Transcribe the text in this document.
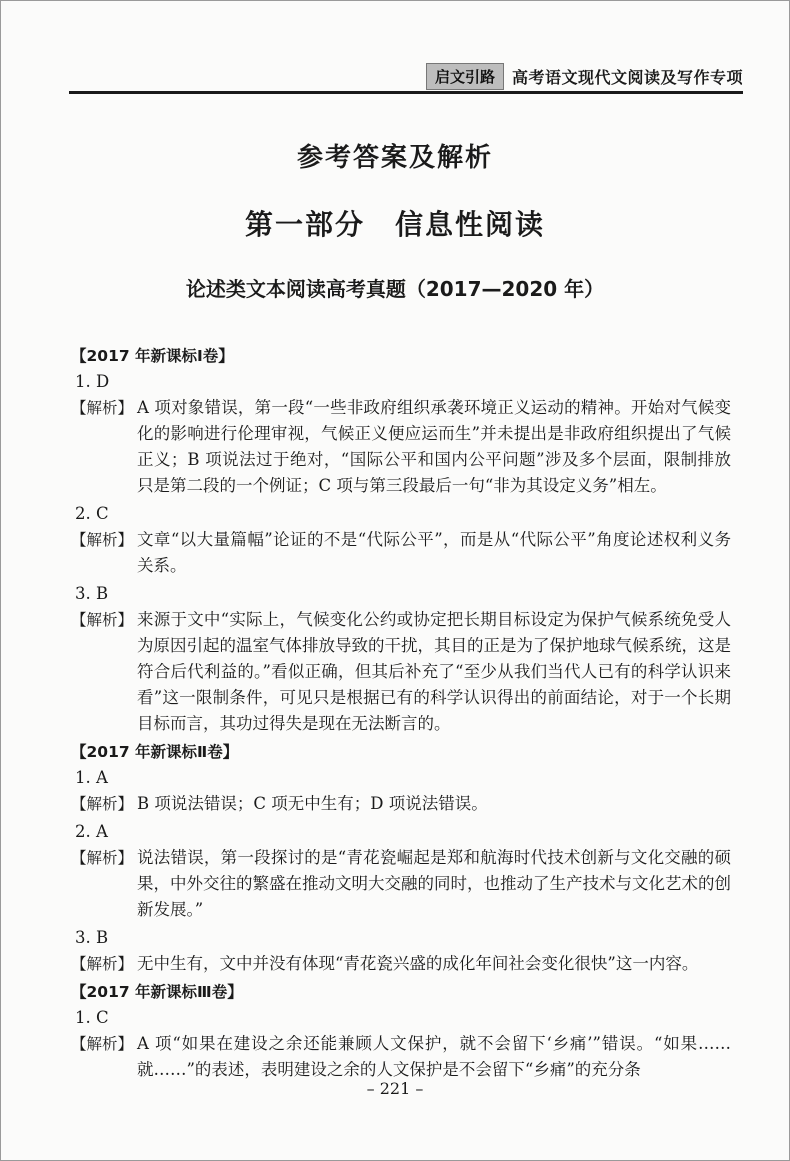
启文引路	高考语文现代文阅读及写作专项
参考答案及解析
第一部分　信息性阅读
论述类文本阅读高考真题（2017—2020 年）
【2017 年新课标Ⅰ卷】
1. D
【解析】 A 项对象错误，第一段“一些非政府组织承袭环境正义运动的精神。开始对气候变化的影响进行伦理审视，气候正义便应运而生”并未提出是非政府组织提出了气候正义；B 项说法过于绝对，“国际公平和国内公平问题”涉及多个层面，限制排放只是第二段的一个例证；C 项与第三段最后一句“非为其设定义务”相左。
2. C
【解析】 文章“以大量篇幅”论证的不是“代际公平”，而是从“代际公平”角度论述权利义务关系。
3. B
【解析】 来源于文中“实际上，气候变化公约或协定把长期目标设定为保护气候系统免受人为原因引起的温室气体排放导致的干扰，其目的正是为了保护地球气候系统，这是符合后代利益的。”看似正确，但其后补充了“至少从我们当代人已有的科学认识来看”这一限制条件，可见只是根据已有的科学认识得出的前面结论，对于一个长期目标而言，其功过得失是现在无法断言的。
【2017 年新课标Ⅱ卷】
1. A
【解析】 B 项说法错误；C 项无中生有；D 项说法错误。
2. A
【解析】 说法错误，第一段探讨的是“青花瓷崛起是郑和航海时代技术创新与文化交融的硕果，中外交往的繁盛在推动文明大交融的同时，也推动了生产技术与文化艺术的创新发展。”
3. B
【解析】 无中生有，文中并没有体现“青花瓷兴盛的成化年间社会变化很快”这一内容。
【2017 年新课标Ⅲ卷】
1. C
【解析】 A 项“如果在建设之余还能兼顾人文保护，就不会留下‘乡痛’”错误。“如果……就……”的表述，表明建设之余的人文保护是不会留下“乡痛”的充分条
– 221 –
